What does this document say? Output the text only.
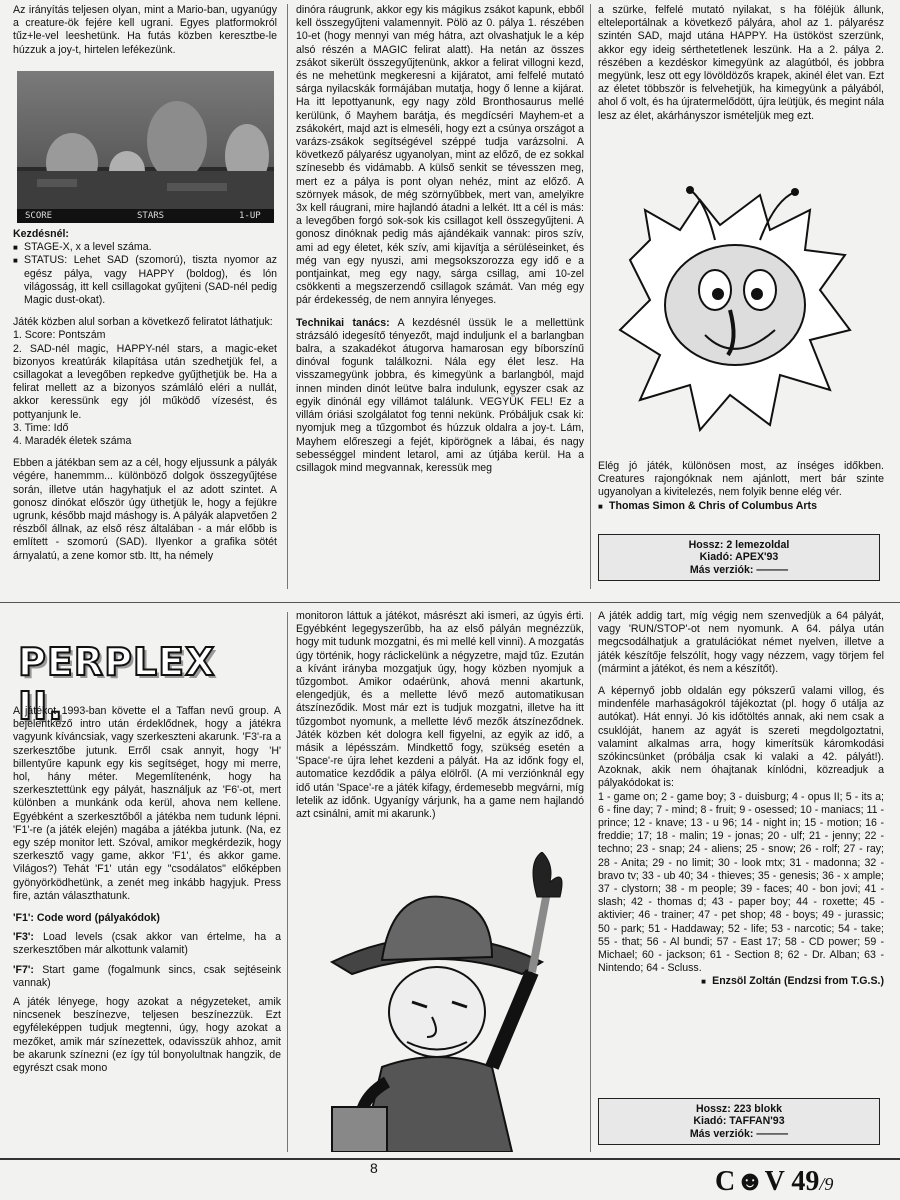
Az irányítás teljesen olyan, mint a Mario-ban, ugyanúgy a creature-ök fejére kell ugrani. Egyes platformokról tűz+le-vel leeshetünk. Ha futás közben keresztbe-le húzzuk a joy-t, hirtelen lefékezünk.

SCORE	STARS	1-UP
Kezdésnél:
■ STAGE-X, x a level száma.
■ STATUS: Lehet SAD (szomorú), tiszta nyomor az egész pálya, vagy HAPPY (boldog), és lón világosság, itt kell csillagokat gyűjteni (SAD-nél pedig Magic dust-okat).

Játék közben alul sorban a következő feliratot láthatjuk:

1. Score: Pontszám
2. SAD-nél magic, HAPPY-nél stars, a magic-eket bizonyos kreatúrák kilapítása után szedhetjük fel, a csillagokat a levegőben repkedve gyűjthetjük be. Ha a felirat mellett az a bizonyos számláló eléri a nullát, akkor keressünk egy jól működő vízesést, és pottyanjunk le.
3. Time: Idő
4. Maradék életek száma

Ebben a játékban sem az a cél, hogy eljussunk a pályák végére, hanemmm... különböző dolgok összegyűjtése során, illetve után hagyhatjuk el az adott szintet. A gonosz dinókat először úgy üthetjük le, hogy a fejükre ugrunk, később majd máshogy is. A pályák alapvetően 2 részből állnak, az első rész általában - a már előbb is említett - szomorú (SAD). Ilyenkor a grafika sötét árnyalatú, a zene komor stb. Itt, ha némely

dinóra ráugrunk, akkor egy kis mágikus zsákot kapunk, ebből kell összegyűjteni valamennyit. Pölö az 0. pálya 1. részében 10-et (hogy mennyi van még hátra, azt olvashatjuk le a kép alsó részén a MAGIC felirat alatt). Ha netán az összes zsákot sikerült összegyűjtenünk, akkor a felirat villogni kezd, és ne mehetünk megkeresni a kijáratot, ami felfelé mutató sárga nyilacskák formájában mutatja, hogy ő lenne a kijárat. Ha itt lepottyanunk, egy nagy zöld Bronthosaurus mellé kerülünk, ő Mayhem barátja, és megdícséri Mayhem-et a zsákokért, majd azt is elmeséli, hogy ezt a csúnya országot a varázs-zsákok segítségével széppé tudja varázsolni. A következő pályarész ugyanolyan, mint az előző, de ez sokkal színesebb és vidámabb. A külső senkit se tévesszen meg, mert ez a pálya is pont olyan nehéz, mint az előző. A szörnyek mások, de még szörnyűbbek, mert van, amelyikre 3x kell ráugrani, mire hajlandó átadni a lelkét. Itt a cél is más: a levegőben forgó sok-sok kis csillagot kell összegyűjteni. A gonosz dinóknak pedig más ajándékaik vannak: piros szív, ami ad egy életet, kék szív, ami kijavítja a sérüléseinket, és még van egy nyuszi, ami megsokszorozza egy idő e a pontjainkat, meg egy nagy, sárga csillag, ami 10-zel csökkenti a megszerzendő csillagok számát. Van még egy pár érdekesség, de nem annyira lényeges.

Technikai tanács: A kezdésnél üssük le a mellettünk strázsáló idegesítő tényezőt, majd induljunk el a barlangban balra, a szakadékot átugorva hamarosan egy bíborszínű dinóval fogunk találkozni. Nála egy élet lesz. Ha visszamegyünk jobbra, és kimegyünk a barlangból, majd innen minden dinót leütve balra indulunk, egyszer csak az egyik dinónál egy villámot találunk. VEGYÜK FEL! Ez a villám óriási szolgálatot fog tenni nekünk. Próbáljuk csak ki: nyomjuk meg a tűzgombot és húzzuk oldalra a joy-t. Lám, Mayhem előreszegi a fejét, kipörögnek a lábai, és nagy sebességgel mindent letarol, ami az útjába kerül. Ha a csillagok mind megvannak, keressük meg

a szürke, felfelé mutató nyilakat, s ha föléjük állunk, elteleportálnak a következő pályára, ahol az 1. pályarész szintén SAD, majd utána HAPPY. Ha üstököst szerzünk, akkor egy ideig sérthetetlenek leszünk. Ha a 2. pálya 2. részében a kezdéskor kimegyünk az alagútból, és jobbra megyünk, lesz ott egy lövöldözős krapek, akinél élet van. Ezt az életet többször is felvehetjük, ha kimegyünk a pályából, ahol ő volt, és ha újratermelődött, újra leütjük, és megint nála lesz az élet, akárhányszor ismételjük meg ezt.

Elég jó játék, különösen most, az ínséges időkben. Creatures rajongóknak nem ajánlott, mert bár szinte ugyanolyan a kivitelezés, nem folyik benne elég vér.

■ Thomas Simon & Chris of Columbus Arts
Hossz: 2 lemezoldal
Kiadó: APEX'93
Más verziók: ———
PERPLEX II.

A játékot 1993-ban követte el a Taffan nevű group. A bejelentkező intro után érdeklődnek, hogy a játékra vagyunk kíváncsiak, vagy szerkeszteni akarunk. 'F3'-ra a szerkesztőbe jutunk. Erről csak annyit, hogy 'H' billentyűre kapunk egy kis segítséget, hogy mi merre, hol, hány méter. Megemlítenénk, hogy ha szerkesztettünk egy pályát, használjuk az 'F6'-ot, mert különben a munkánk oda kerül, ahova nem kellene. Egyébként a szerkesztőből a játékba nem tudunk lépni. 'F1'-re (a játék elején) magába a játékba jutunk. (Na, ez egy szép monitor lett. Szóval, amikor megkérdezik, hogy szerkesztő vagy game, akkor 'F1', és akkor game. Világos?) Tehát 'F1' után egy "csodálatos" előképben gyönyörködhetünk, a zenét meg inkább hagyjuk. Press fire, aztán választhatunk.

'F1': Code word (pályakódok)

'F3': Load levels (csak akkor van értelme, ha a szerkesztőben már alkottunk valamit)

'F7': Start game (fogalmunk sincs, csak sejtéseink vannak)

A játék lényege, hogy azokat a négyzeteket, amik nincsenek beszínezve, teljesen beszínezzük. Ezt egyféleképpen tudjuk megtenni, úgy, hogy azokat a mezőket, amik már színezettek, odavisszük ahhoz, amit be akarunk színezni (ez így túl bonyolultnak hangzik, de egyrészt csak mono

monitoron láttuk a játékot, másrészt aki ismeri, az úgyis érti. Egyébként legegyszerűbb, ha az első pályán megnézzük, hogy mit tudunk mozgatni, és mi mellé kell vinni). A mozgatás úgy történik, hogy ráclickelünk a négyzetre, majd tűz. Ezután a kívánt irányba mozgatjuk úgy, hogy közben nyomjuk a tűzgombot. Amikor odaérünk, ahová menni akartunk, elengedjük, és a mellette lévő mező automatikusan átszíneződik. Most már ezt is tudjuk mozgatni, illetve ha itt tűzgombot nyomunk, a mellette lévő mezők átszíneződnek. Játék közben két dologra kell figyelni, az egyik az idő, a másik a lépésszám. Mindkettő fogy, szükség esetén a 'Space'-re újra lehet kezdeni a pályát. Ha az időnk fogy el, automatice kezdődik a pálya elölről. (A mi verziónknál egy idő után 'Space'-re a játék kifagy, érdemesebb megvárni, míg letelik az időnk. Ugyanígy várjunk, ha a game nem hajlandó azt csinálni, amit mi akarunk.)

A játék addig tart, míg végig nem szenvedjük a 64 pályát, vagy 'RUN/STOP'-ot nem nyomunk. A 64. pálya után megcsodálhatjuk a gratulációkat német nyelven, illetve a játék készítője felszólít, hogy vagy nézzem, vagy törjem fel (mármint a játékot, és nem a készítőt).

A képernyő jobb oldalán egy pókszerű valami villog, és mindenféle marhaságokról tájékoztat (pl. hogy ő utálja az autókat). Hát ennyi. Jó kis időtöltés annak, aki nem csak a csuklóját, hanem az agyát is szereti megdolgoztatni, valamint alkalmas arra, hogy kimerítsük káromkodási szókincsünket (próbálja csak ki valaki a 42. pályát!). Azoknak, akik nem óhajtanak kínlódni, közreadjuk a pályakódokat is:

1 - game on; 2 - game boy; 3 - duisburg; 4 - opus II; 5 - its a; 6 - fine day; 7 - mind; 8 - fruit; 9 - osessed; 10 - maniacs; 11 - prince; 12 - knave; 13 - u 96; 14 - night in; 15 - motion; 16 - freddie; 17; 18 - malin; 19 - jonas; 20 - ulf; 21 - jenny; 22 - techno; 23 - snap; 24 - aliens; 25 - snow; 26 - rolf; 27 - ray; 28 - Anita; 29 - no limit; 30 - look mtx; 31 - madonna; 32 - bravo tv; 33 - ub 40; 34 - thieves; 35 - genesis; 36 - x ample; 37 - clystorn; 38 - m people; 39 - faces; 40 - bon jovi; 41 - slash; 42 - thomas d; 43 - paper boy; 44 - roxette; 45 - aktivier; 46 - trainer; 47 - pet shop; 48 - boys; 49 - jurassic; 50 - park; 51 - Haddaway; 52 - life; 53 - narcotic; 54 - take; 55 - that; 56 - Al bundi; 57 - East 17; 58 - CD power; 59 - Michael; 60 - jackson; 61 - Section 8; 62 - Dr. Alban; 63 - Nintendo; 64 - Scluss.

■ Enzsöl Zoltán (Endzsi from T.G.S.)
Hossz: 223 blokk
Kiadó: TAFFAN'93
Más verziók: ———
8	C☻V 49/9
